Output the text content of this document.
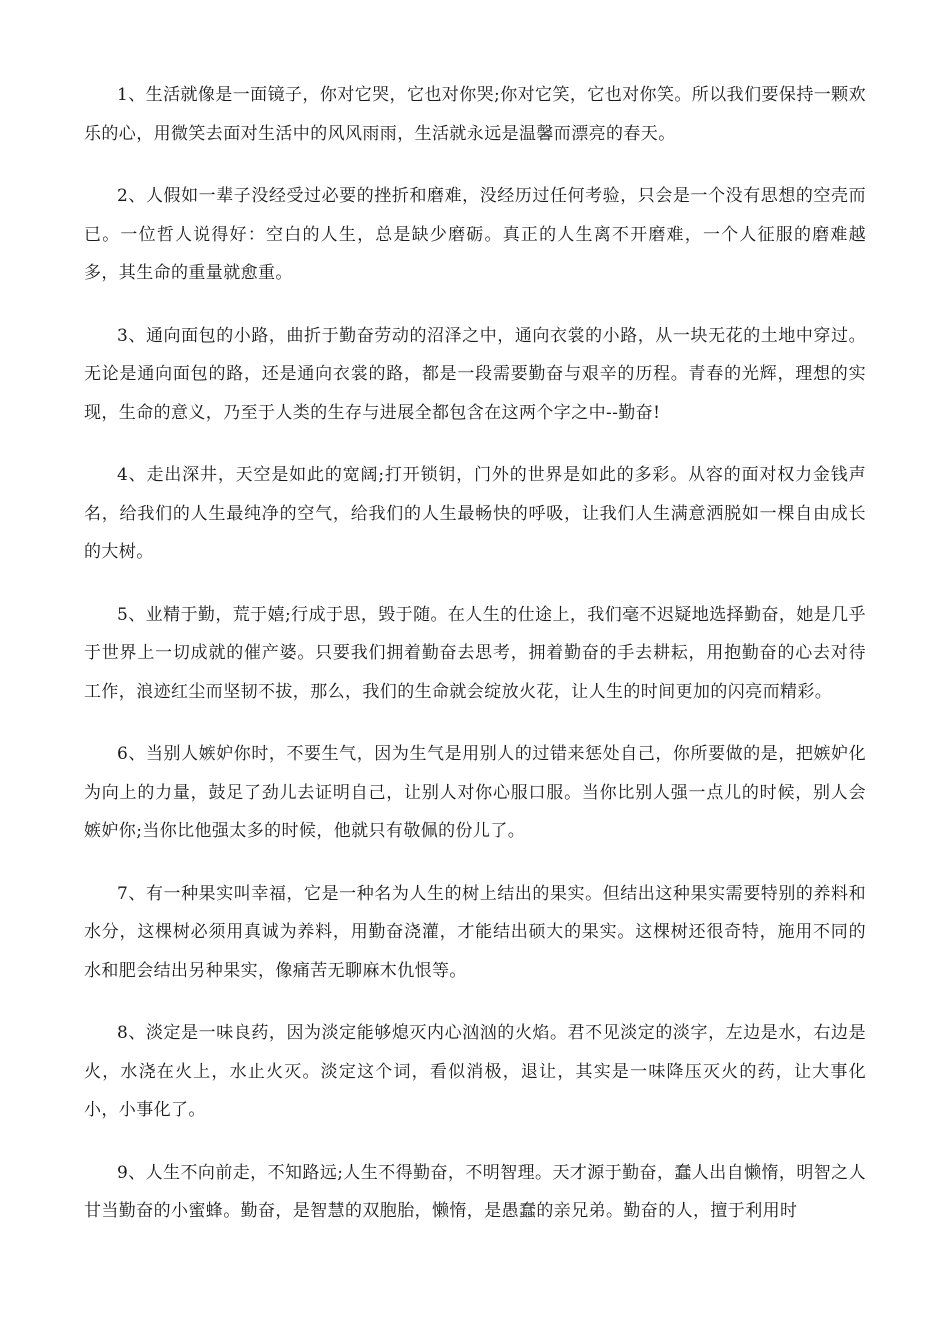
1、生活就像是一面镜子，你对它哭，它也对你哭;你对它笑，它也对你笑。所以我们要保持一颗欢乐的心，用微笑去面对生活中的风风雨雨，生活就永远是温馨而漂亮的春天。

2、人假如一辈子没经受过必要的挫折和磨难，没经历过任何考验，只会是一个没有思想的空壳而已。一位哲人说得好：空白的人生，总是缺少磨砺。真正的人生离不开磨难，一个人征服的磨难越多，其生命的重量就愈重。

3、通向面包的小路，曲折于勤奋劳动的沼泽之中，通向衣裳的小路，从一块无花的土地中穿过。无论是通向面包的路，还是通向衣裳的路，都是一段需要勤奋与艰辛的历程。青春的光辉，理想的实现，生命的意义，乃至于人类的生存与进展全都包含在这两个字之中--勤奋!

4、走出深井，天空是如此的宽阔;打开锁钥，门外的世界是如此的多彩。从容的面对权力金钱声名，给我们的人生最纯净的空气，给我们的人生最畅快的呼吸，让我们人生满意洒脱如一棵自由成长的大树。

5、业精于勤，荒于嬉;行成于思，毁于随。在人生的仕途上，我们毫不迟疑地选择勤奋，她是几乎于世界上一切成就的催产婆。只要我们拥着勤奋去思考，拥着勤奋的手去耕耘，用抱勤奋的心去对待工作，浪迹红尘而坚韧不拔，那么，我们的生命就会绽放火花，让人生的时间更加的闪亮而精彩。

6、当别人嫉妒你时，不要生气，因为生气是用别人的过错来惩处自己，你所要做的是，把嫉妒化为向上的力量，鼓足了劲儿去证明自己，让别人对你心服口服。当你比别人强一点儿的时候，别人会嫉妒你;当你比他强太多的时候，他就只有敬佩的份儿了。

7、有一种果实叫幸福，它是一种名为人生的树上结出的果实。但结出这种果实需要特别的养料和水分，这棵树必须用真诚为养料，用勤奋浇灌，才能结出硕大的果实。这棵树还很奇特，施用不同的水和肥会结出另种果实，像痛苦无聊麻木仇恨等。

8、淡定是一味良药，因为淡定能够熄灭内心汹汹的火焰。君不见淡定的淡字，左边是水，右边是火，水浇在火上，水止火灭。淡定这个词，看似消极，退让，其实是一味降压灭火的药，让大事化小，小事化了。

9、人生不向前走，不知路远;人生不得勤奋，不明智理。天才源于勤奋，蠢人出自懒惰，明智之人甘当勤奋的小蜜蜂。勤奋，是智慧的双胞胎，懒惰，是愚蠢的亲兄弟。勤奋的人，擅于利用时
